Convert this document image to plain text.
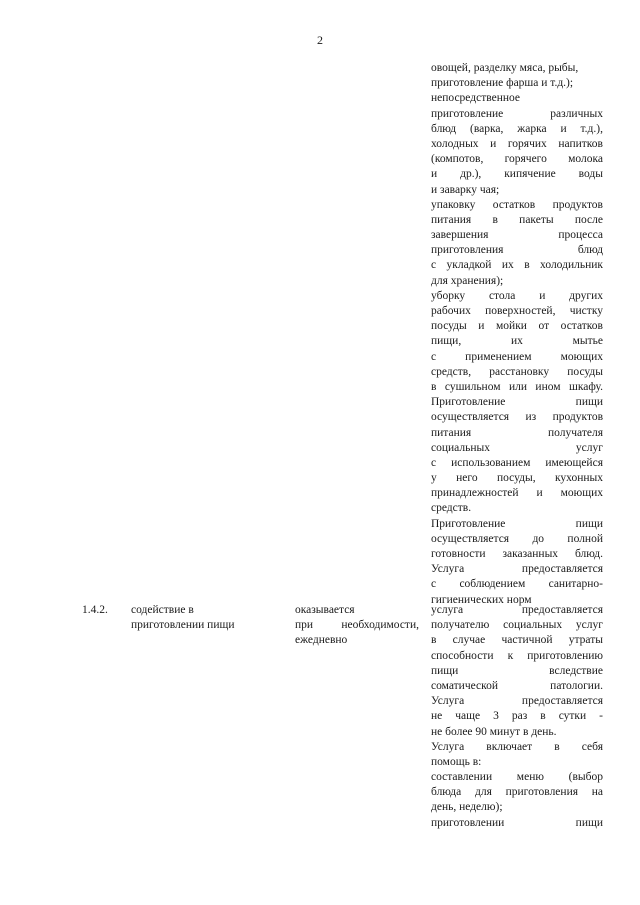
2
овощей, разделку мяса, рыбы,
приготовление фарша и т.д.);
непосредственное
приготовление различных
блюд (варка, жарка и т.д.),
холодных и горячих напитков
(компотов, горячего молока
и др.), кипячение воды
и заварку чая;
упаковку остатков продуктов
питания в пакеты после
завершения процесса
приготовления блюд
с укладкой их в холодильник
для хранения);
уборку стола и других
рабочих поверхностей, чистку
посуды и мойки от остатков
пищи, их мытье
с применением моющих
средств, расстановку посуды
в сушильном или ином шкафу.
Приготовление пищи
осуществляется из продуктов
питания получателя
социальных услуг
с использованием имеющейся
у него посуды, кухонных
принадлежностей и моющих
средств.
Приготовление пищи
осуществляется до полной
готовности заказанных блюд.
Услуга предоставляется
с соблюдением санитарно-
гигиенических норм
1.4.2. содействие в
приготовлении пищи
оказывается
при необходимости,
ежедневно
услуга предоставляется
получателю социальных услуг
в случае частичной утраты
способности к приготовлению
пищи вследствие
соматической патологии.
Услуга предоставляется
не чаще 3 раз в сутки -
не более 90 минут в день.
Услуга включает в себя
помощь в:
составлении меню (выбор
блюда для приготовления на
день, неделю);
приготовлении пищи
